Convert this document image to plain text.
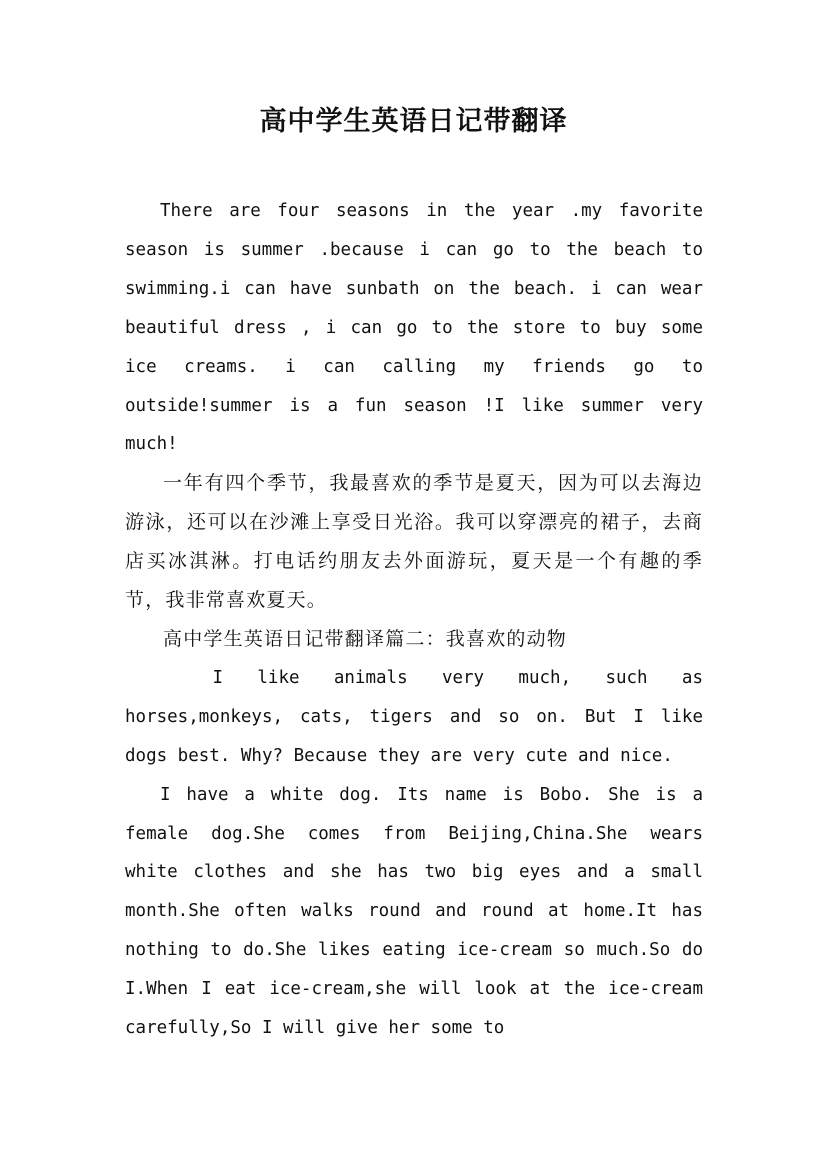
高中学生英语日记带翻译

There are four seasons in the year .my favorite season is summer .because i can go to the beach to swimming.i can have sunbath on the beach. i can wear beautiful dress , i can go to the store to buy some ice creams. i can calling my friends go to outside!summer is a fun season !I like summer very much!

一年有四个季节，我最喜欢的季节是夏天，因为可以去海边游泳，还可以在沙滩上享受日光浴。我可以穿漂亮的裙子，去商店买冰淇淋。打电话约朋友去外面游玩，夏天是一个有趣的季节，我非常喜欢夏天。

高中学生英语日记带翻译篇二：我喜欢的动物

I like animals very much, such as horses,monkeys, cats, tigers and so on. But I like dogs best. Why? Because they are very cute and nice.

I have a white dog. Its name is Bobo. She is a female dog.She comes from Beijing,China.She wears white clothes and she has two big eyes and a small month.She often walks round and round at home.It has nothing to do.She likes eating ice-cream so much.So do I.When I eat ice-cream,she will look at the ice-cream carefully,So I will give her some to
